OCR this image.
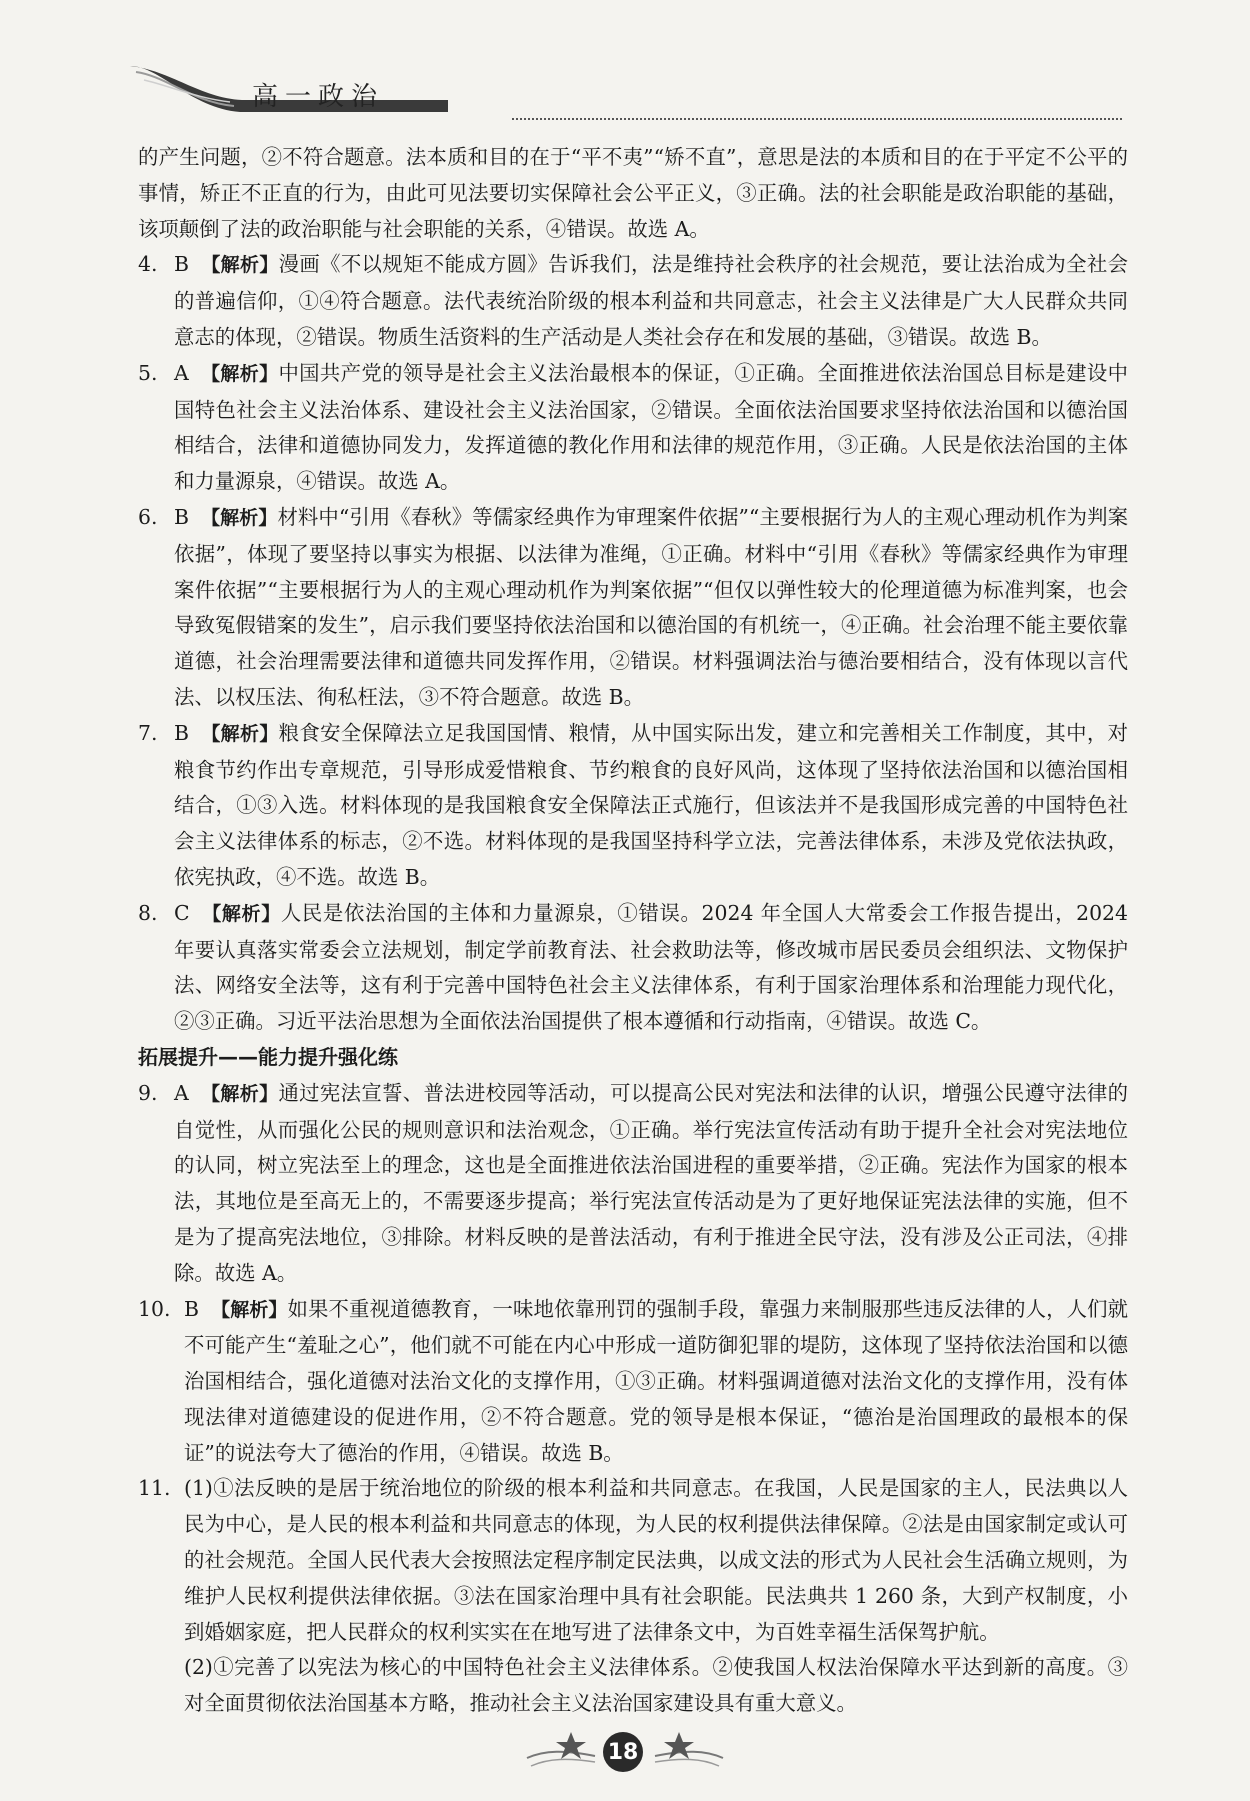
高一政治

的产生问题，②不符合题意。法本质和目的在于“平不夷”“矫不直”，意思是法的本质和目的在于平定不公平的事情，矫正不正直的行为，由此可见法要切实保障社会公平正义，③正确。法的社会职能是政治职能的基础，该项颠倒了法的政治职能与社会职能的关系，④错误。故选 A。

4. B 【解析】漫画《不以规矩不能成方圆》告诉我们，法是维持社会秩序的社会规范，要让法治成为全社会的普遍信仰，①④符合题意。法代表统治阶级的根本利益和共同意志，社会主义法律是广大人民群众共同意志的体现，②错误。物质生活资料的生产活动是人类社会存在和发展的基础，③错误。故选 B。

5. A 【解析】中国共产党的领导是社会主义法治最根本的保证，①正确。全面推进依法治国总目标是建设中国特色社会主义法治体系、建设社会主义法治国家，②错误。全面依法治国要求坚持依法治国和以德治国相结合，法律和道德协同发力，发挥道德的教化作用和法律的规范作用，③正确。人民是依法治国的主体和力量源泉，④错误。故选 A。

6. B 【解析】材料中“引用《春秋》等儒家经典作为审理案件依据”“主要根据行为人的主观心理动机作为判案依据”，体现了要坚持以事实为根据、以法律为准绳，①正确。材料中“引用《春秋》等儒家经典作为审理案件依据”“主要根据行为人的主观心理动机作为判案依据”“但仅以弹性较大的伦理道德为标准判案，也会导致冤假错案的发生”，启示我们要坚持依法治国和以德治国的有机统一，④正确。社会治理不能主要依靠道德，社会治理需要法律和道德共同发挥作用，②错误。材料强调法治与德治要相结合，没有体现以言代法、以权压法、徇私枉法，③不符合题意。故选 B。

7. B 【解析】粮食安全保障法立足我国国情、粮情，从中国实际出发，建立和完善相关工作制度，其中，对粮食节约作出专章规范，引导形成爱惜粮食、节约粮食的良好风尚，这体现了坚持依法治国和以德治国相结合，①③入选。材料体现的是我国粮食安全保障法正式施行，但该法并不是我国形成完善的中国特色社会主义法律体系的标志，②不选。材料体现的是我国坚持科学立法，完善法律体系，未涉及党依法执政，依宪执政，④不选。故选 B。

8. C 【解析】人民是依法治国的主体和力量源泉，①错误。2024 年全国人大常委会工作报告提出，2024 年要认真落实常委会立法规划，制定学前教育法、社会救助法等，修改城市居民委员会组织法、文物保护法、网络安全法等，这有利于完善中国特色社会主义法律体系，有利于国家治理体系和治理能力现代化，②③正确。习近平法治思想为全面依法治国提供了根本遵循和行动指南，④错误。故选 C。

拓展提升——能力提升强化练

9. A 【解析】通过宪法宣誓、普法进校园等活动，可以提高公民对宪法和法律的认识，增强公民遵守法律的自觉性，从而强化公民的规则意识和法治观念，①正确。举行宪法宣传活动有助于提升全社会对宪法地位的认同，树立宪法至上的理念，这也是全面推进依法治国进程的重要举措，②正确。宪法作为国家的根本法，其地位是至高无上的，不需要逐步提高；举行宪法宣传活动是为了更好地保证宪法法律的实施，但不是为了提高宪法地位，③排除。材料反映的是普法活动，有利于推进全民守法，没有涉及公正司法，④排除。故选 A。

10. B 【解析】如果不重视道德教育，一味地依靠刑罚的强制手段，靠强力来制服那些违反法律的人，人们就不可能产生“羞耻之心”，他们就不可能在内心中形成一道防御犯罪的堤防，这体现了坚持依法治国和以德治国相结合，强化道德对法治文化的支撑作用，①③正确。材料强调道德对法治文化的支撑作用，没有体现法律对道德建设的促进作用，②不符合题意。党的领导是根本保证，“德治是治国理政的最根本的保证”的说法夸大了德治的作用，④错误。故选 B。

11. (1)①法反映的是居于统治地位的阶级的根本利益和共同意志。在我国，人民是国家的主人，民法典以人民为中心，是人民的根本利益和共同意志的体现，为人民的权利提供法律保障。②法是由国家制定或认可的社会规范。全国人民代表大会按照法定程序制定民法典，以成文法的形式为人民社会生活确立规则，为维护人民权利提供法律依据。③法在国家治理中具有社会职能。民法典共 1 260 条，大到产权制度，小到婚姻家庭，把人民群众的权利实实在在地写进了法律条文中，为百姓幸福生活保驾护航。

(2)①完善了以宪法为核心的中国特色社会主义法律体系。②使我国人权法治保障水平达到新的高度。③对全面贯彻依法治国基本方略，推动社会主义法治国家建设具有重大意义。

18
